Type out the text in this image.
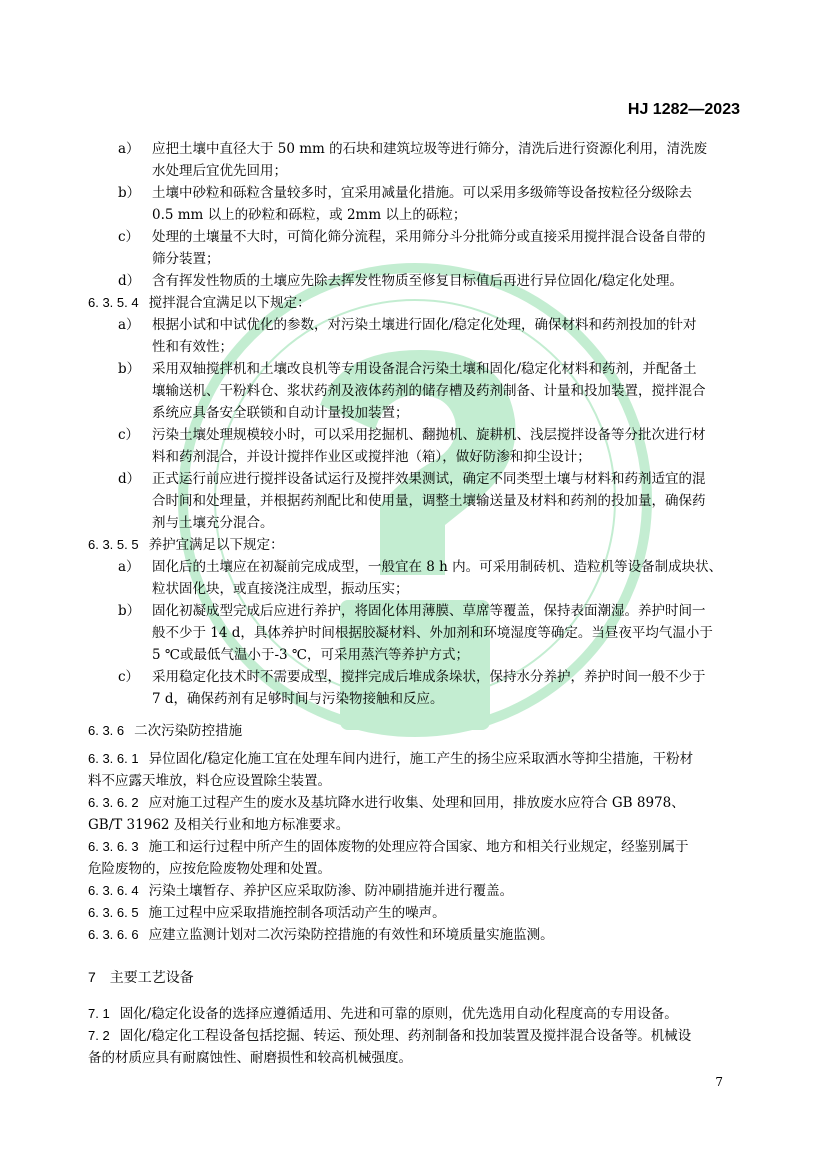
HJ 1282—2023
a） 应把土壤中直径大于 50 mm 的石块和建筑垃圾等进行筛分，清洗后进行资源化利用，清洗废
水处理后宜优先回用；
b） 土壤中砂粒和砾粒含量较多时，宜采用减量化措施。可以采用多级筛等设备按粒径分级除去
0.5 mm 以上的砂粒和砾粒，或 2mm 以上的砾粒；
c） 处理的土壤量不大时，可简化筛分流程，采用筛分斗分批筛分或直接采用搅拌混合设备自带的
筛分装置；
d） 含有挥发性物质的土壤应先除去挥发性物质至修复目标值后再进行异位固化/稳定化处理。
6. 3. 5. 4 搅拌混合宜满足以下规定：
a） 根据小试和中试优化的参数，对污染土壤进行固化/稳定化处理，确保材料和药剂投加的针对
性和有效性；
b） 采用双轴搅拌机和土壤改良机等专用设备混合污染土壤和固化/稳定化材料和药剂，并配备土
壤输送机、干粉料仓、浆状药剂及液体药剂的储存槽及药剂制备、计量和投加装置，搅拌混合
系统应具备安全联锁和自动计量投加装置；
c） 污染土壤处理规模较小时，可以采用挖掘机、翻抛机、旋耕机、浅层搅拌设备等分批次进行材
料和药剂混合，并设计搅拌作业区或搅拌池（箱），做好防渗和抑尘设计；
d） 正式运行前应进行搅拌设备试运行及搅拌效果测试，确定不同类型土壤与材料和药剂适宜的混
合时间和处理量，并根据药剂配比和使用量，调整土壤输送量及材料和药剂的投加量，确保药
剂与土壤充分混合。
6. 3. 5. 5 养护宜满足以下规定：
a） 固化后的土壤应在初凝前完成成型，一般宜在 8 h 内。可采用制砖机、造粒机等设备制成块状、
粒状固化块，或直接浇注成型，振动压实；
b） 固化初凝成型完成后应进行养护，将固化体用薄膜、草席等覆盖，保持表面潮湿。养护时间一
般不少于 14 d，具体养护时间根据胶凝材料、外加剂和环境湿度等确定。当昼夜平均气温小于
5 ℃或最低气温小于-3 ℃，可采用蒸汽等养护方式；
c） 采用稳定化技术时不需要成型，搅拌完成后堆成条垛状，保持水分养护，养护时间一般不少于
7 d，确保药剂有足够时间与污染物接触和反应。
6. 3. 6 二次污染防控措施
6. 3. 6. 1 异位固化/稳定化施工宜在处理车间内进行，施工产生的扬尘应采取洒水等抑尘措施，干粉材
料不应露天堆放，料仓应设置除尘装置。
6. 3. 6. 2 应对施工过程产生的废水及基坑降水进行收集、处理和回用，排放废水应符合 GB 8978、
GB/T 31962 及相关行业和地方标准要求。
6. 3. 6. 3 施工和运行过程中所产生的固体废物的处理应符合国家、地方和相关行业规定，经鉴别属于
危险废物的，应按危险废物处理和处置。
6. 3. 6. 4 污染土壤暂存、养护区应采取防渗、防冲刷措施并进行覆盖。
6. 3. 6. 5 施工过程中应采取措施控制各项活动产生的噪声。
6. 3. 6. 6 应建立监测计划对二次污染防控措施的有效性和环境质量实施监测。
7 主要工艺设备
7. 1 固化/稳定化设备的选择应遵循适用、先进和可靠的原则，优先选用自动化程度高的专用设备。
7. 2 固化/稳定化工程设备包括挖掘、转运、预处理、药剂制备和投加装置及搅拌混合设备等。机械设
备的材质应具有耐腐蚀性、耐磨损性和较高机械强度。
7
